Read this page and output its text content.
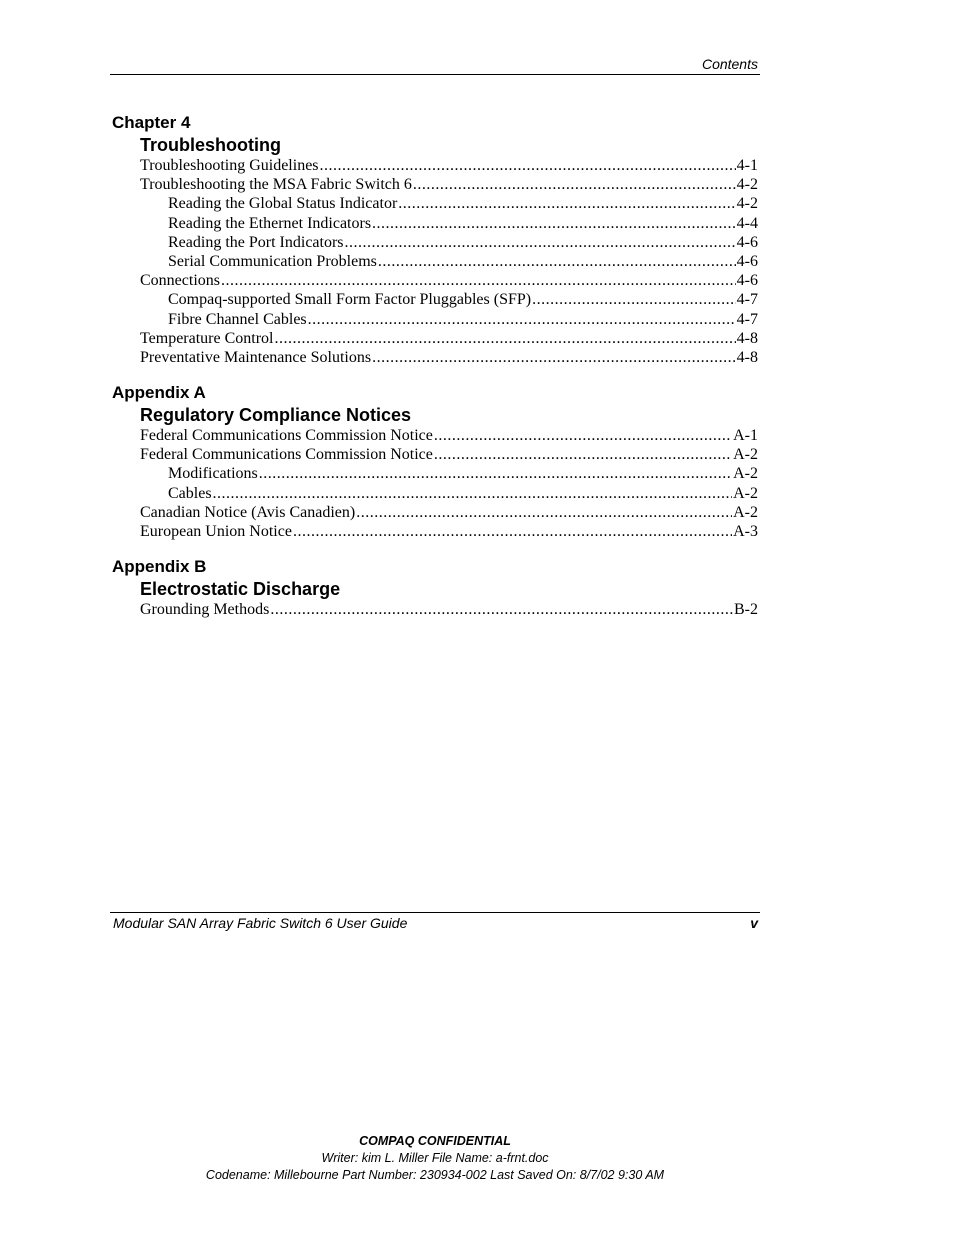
Contents
Chapter 4
Troubleshooting
Troubleshooting Guidelines .....	4-1
Troubleshooting the MSA Fabric Switch 6 .....	4-2
Reading the Global Status Indicator .....	4-2
Reading the Ethernet Indicators .....	4-4
Reading the Port Indicators .....	4-6
Serial Communication Problems .....	4-6
Connections .....	4-6
Compaq-supported Small Form Factor Pluggables (SFP) .....	4-7
Fibre Channel Cables .....	4-7
Temperature Control .....	4-8
Preventative Maintenance Solutions .....	4-8
Appendix A
Regulatory Compliance Notices
Federal Communications Commission Notice .....	A-1
Federal Communications Commission Notice .....	A-2
Modifications .....	A-2
Cables .....	A-2
Canadian Notice (Avis Canadien) .....	A-2
European Union Notice .....	A-3
Appendix B
Electrostatic Discharge
Grounding Methods .....	B-2
Modular SAN Array Fabric Switch 6 User Guide	v
COMPAQ CONFIDENTIAL
Writer: kim L. Miller File Name: a-frnt.doc
Codename: Millebourne Part Number: 230934-002 Last Saved On: 8/7/02 9:30 AM
